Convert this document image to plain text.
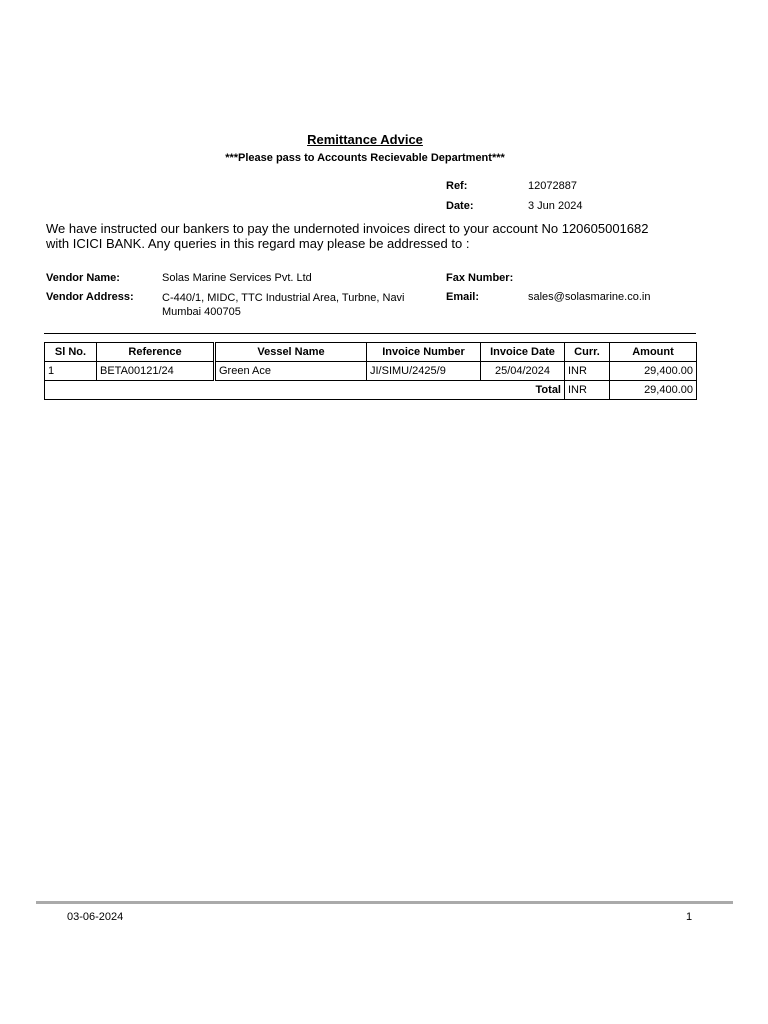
Remittance Advice
***Please pass to Accounts Recievable Department***
Ref:	12072887
Date:	3 Jun 2024
We have instructed our bankers to pay the undernoted invoices direct to your account No 120605001682
with ICICI BANK. Any queries in this regard may please be addressed to :
Vendor Name:	Solas Marine Services Pvt. Ltd	Fax Number:
Vendor Address:	C-440/1, MIDC, TTC Industrial Area, Turbne, Navi
Mumbai 400705
Email:	sales@solasmarine.co.in
Sl No.	Reference	Vessel Name	Invoice Number	Invoice Date	Curr.	Amount
1	BETA00121/24	Green Ace	JI/SIMU/2425/9	25/04/2024	INR	29,400.00
Total					INR	29,400.00
03-06-2024	1
